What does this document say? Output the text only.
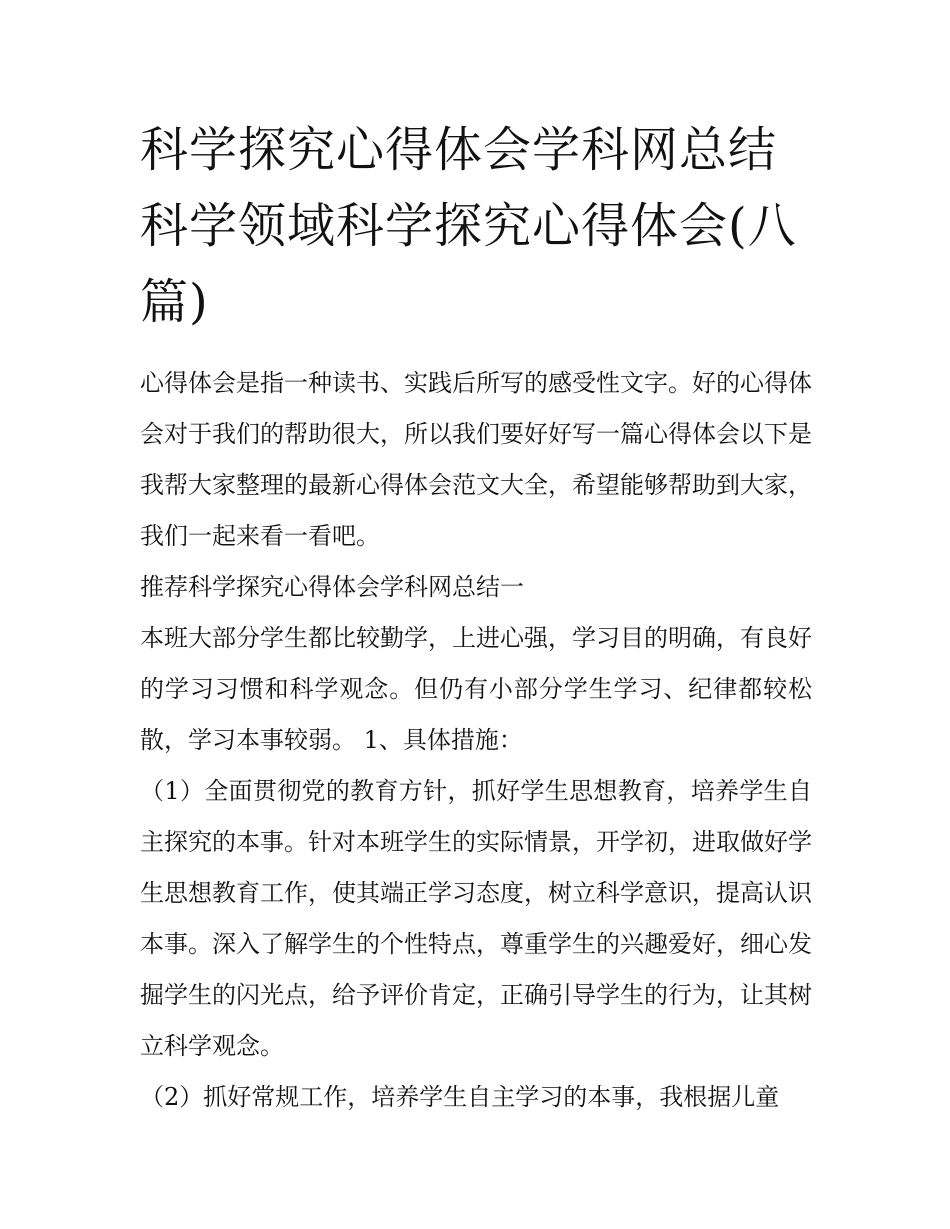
科学探究心得体会学科网总结科学领域科学探究心得体会(八篇)

心得体会是指一种读书、实践后所写的感受性文字。好的心得体会对于我们的帮助很大，所以我们要好好写一篇心得体会以下是我帮大家整理的最新心得体会范文大全，希望能够帮助到大家，我们一起来看一看吧。

推荐科学探究心得体会学科网总结一

本班大部分学生都比较勤学，上进心强，学习目的明确，有良好的学习习惯和科学观念。但仍有小部分学生学习、纪律都较松散，学习本事较弱。 1、具体措施：

（1）全面贯彻党的教育方针，抓好学生思想教育，培养学生自主探究的本事。针对本班学生的实际情景，开学初，进取做好学生思想教育工作，使其端正学习态度，树立科学意识，提高认识本事。深入了解学生的个性特点，尊重学生的兴趣爱好，细心发掘学生的闪光点，给予评价肯定，正确引导学生的行为，让其树立科学观念。

（2）抓好常规工作，培养学生自主学习的本事，我根据儿童
